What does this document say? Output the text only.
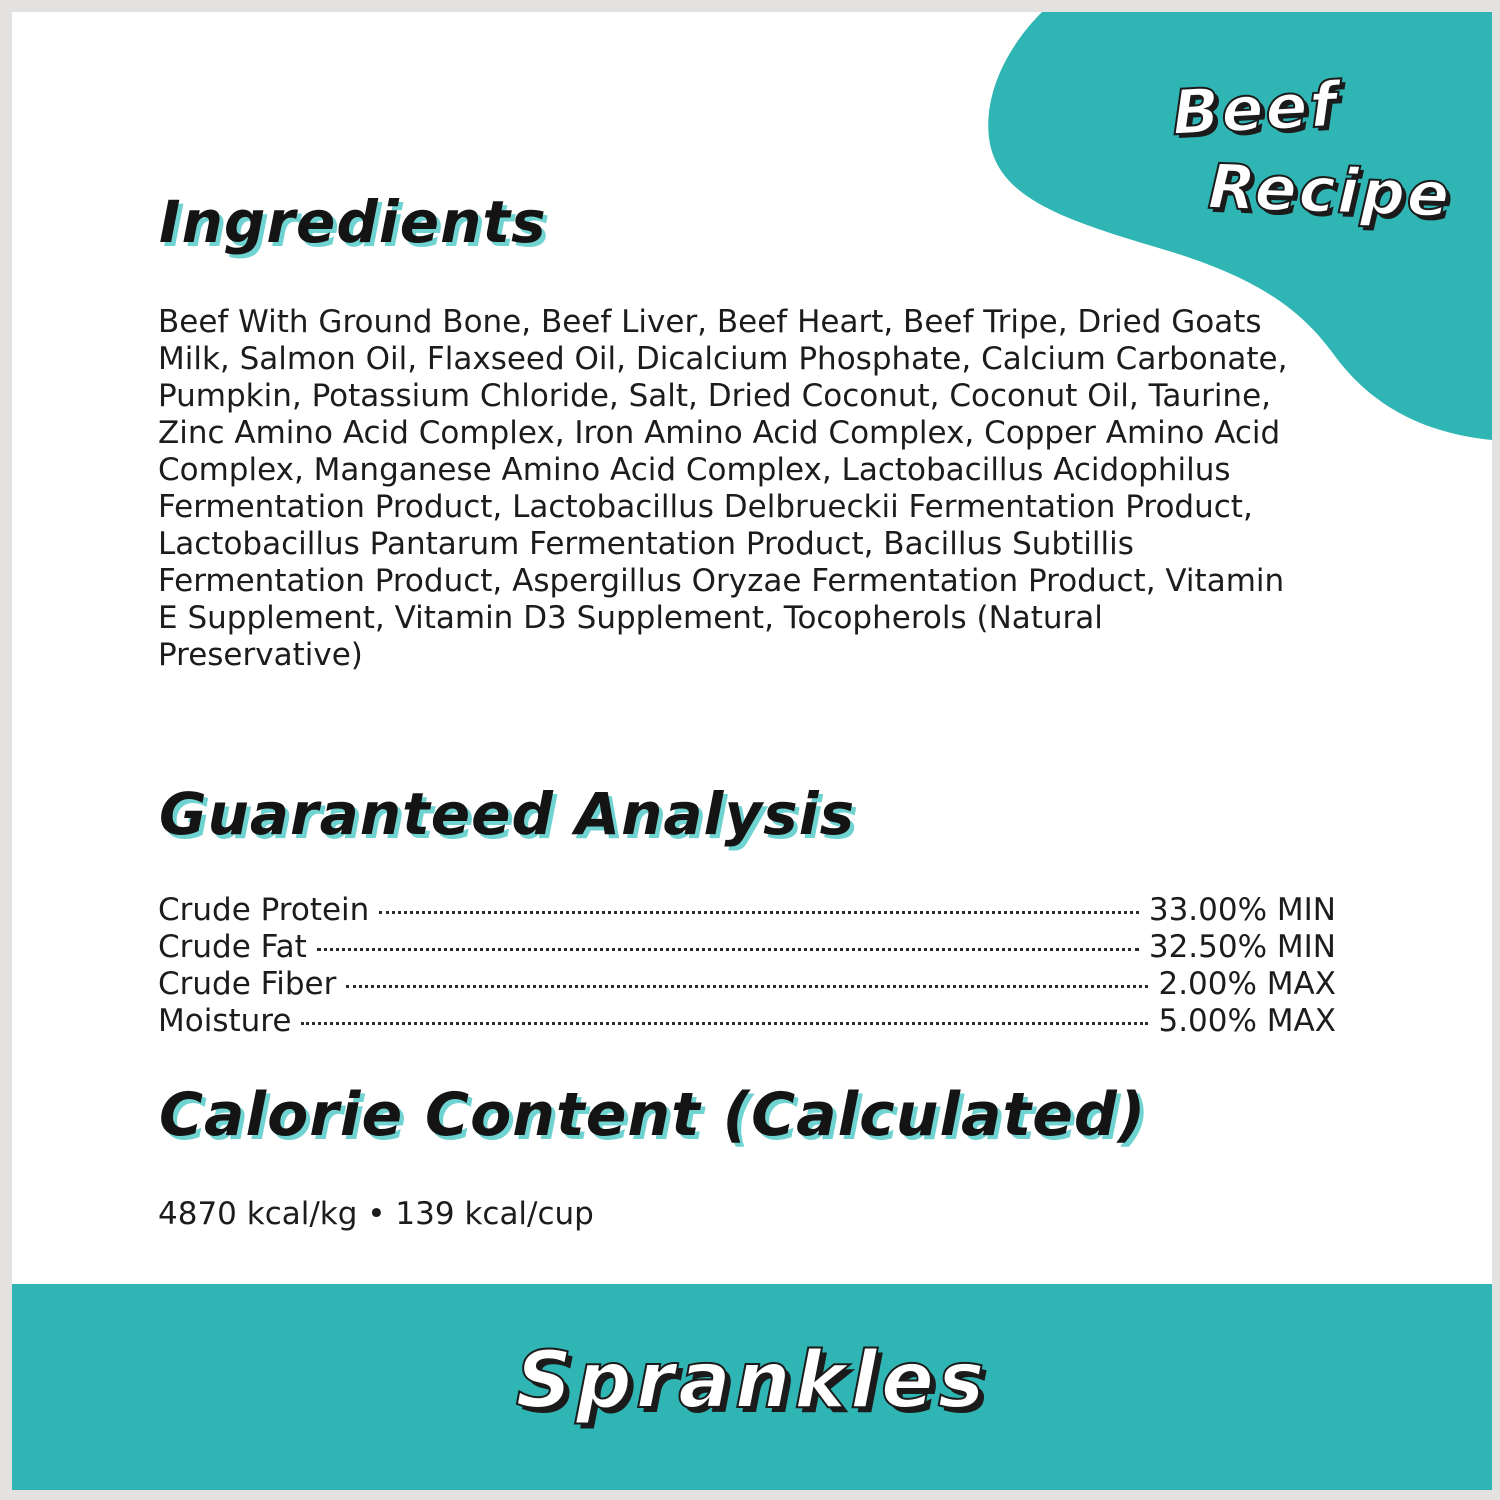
Beef
Recipe
Ingredients
Beef With Ground Bone, Beef Liver, Beef Heart, Beef Tripe, Dried Goats Milk, Salmon Oil, Flaxseed Oil, Dicalcium Phosphate, Calcium Carbonate, Pumpkin, Potassium Chloride, Salt, Dried Coconut, Coconut Oil, Taurine, Zinc Amino Acid Complex, Iron Amino Acid Complex, Copper Amino Acid Complex, Manganese Amino Acid Complex, Lactobacillus Acidophilus Fermentation Product, Lactobacillus Delbrueckii Fermentation Product, Lactobacillus Pantarum Fermentation Product, Bacillus Subtillis Fermentation Product, Aspergillus Oryzae Fermentation Product, Vitamin E Supplement, Vitamin D3 Supplement, Tocopherols (Natural Preservative)
Guaranteed Analysis
Crude Protein	33.00% MIN
Crude Fat	32.50% MIN
Crude Fiber	2.00% MAX
Moisture	5.00% MAX
Calorie Content (Calculated)
4870 kcal/kg • 139 kcal/cup
Sprankles
